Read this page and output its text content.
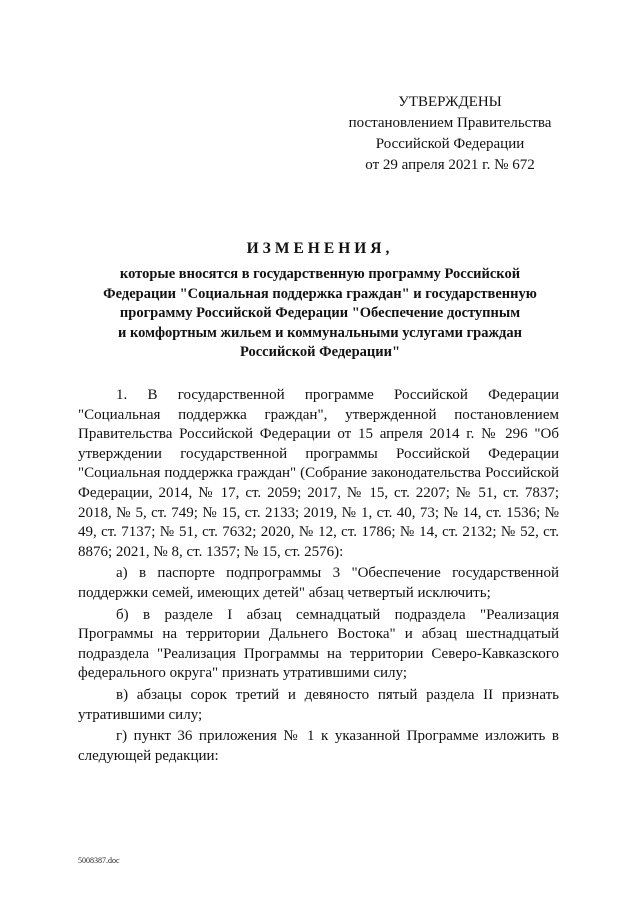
УТВЕРЖДЕНЫ
постановлением Правительства
Российской Федерации
от 29 апреля 2021 г. № 672
ИЗМЕНЕНИЯ,
которые вносятся в государственную программу Российской
Федерации "Социальная поддержка граждан" и государственную
программу Российской Федерации "Обеспечение доступным
и комфортным жильем и коммунальными услугами граждан
Российской Федерации"

1. В государственной программе Российской Федерации "Социальная поддержка граждан", утвержденной постановлением Правительства Российской Федерации от 15 апреля 2014 г. № 296 "Об утверждении государственной программы Российской Федерации "Социальная поддержка граждан" (Собрание законодательства Российской Федерации, 2014, № 17, ст. 2059; 2017, № 15, ст. 2207; № 51, ст. 7837; 2018, № 5, ст. 749; № 15, ст. 2133; 2019, № 1, ст. 40, 73; № 14, ст. 1536; № 49, ст. 7137; № 51, ст. 7632; 2020, № 12, ст. 1786; № 14, ст. 2132; № 52, ст. 8876; 2021, № 8, ст. 1357; № 15, ст. 2576):

а) в паспорте подпрограммы 3 "Обеспечение государственной поддержки семей, имеющих детей" абзац четвертый исключить;

б) в разделе I абзац семнадцатый подраздела "Реализация Программы на территории Дальнего Востока" и абзац шестнадцатый подраздела "Реализация Программы на территории Северо-Кавказского федерального округа" признать утратившими силу;

в) абзацы сорок третий и девяносто пятый раздела II признать утратившими силу;

г) пункт 36 приложения № 1 к указанной Программе изложить в следующей редакции:

5008387.doc
